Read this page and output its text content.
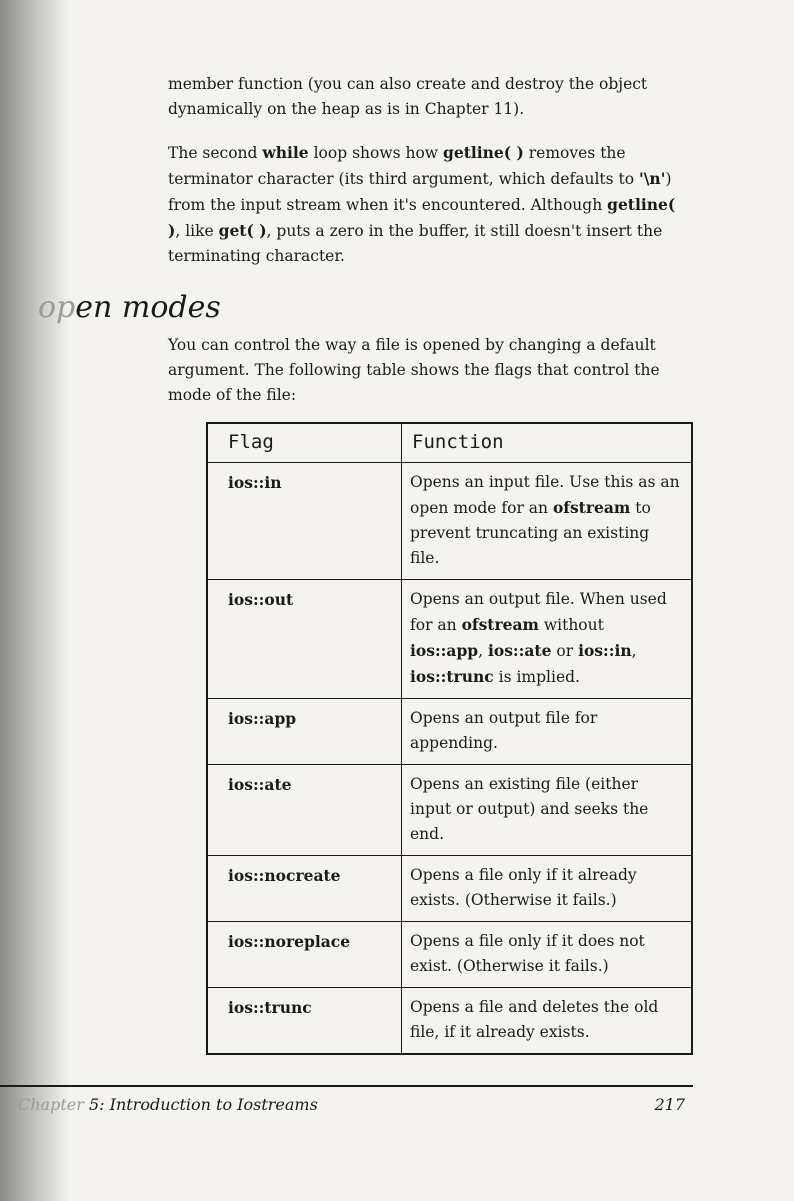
member function (you can also create and destroy the object dynamically on the heap as is in Chapter 11).

The second while loop shows how getline( ) removes the terminator character (its third argument, which defaults to '\n') from the input stream when it's encountered. Although getline( ), like get( ), puts a zero in the buffer, it still doesn't insert the terminating character.

open modes

You can control the way a file is opened by changing a default argument. The following table shows the flags that control the mode of the file:

Flag	Function
ios::in	Opens an input file. Use this as an open mode for an ofstream to prevent truncating an existing file.
ios::out	Opens an output file. When used for an ofstream without ios::app, ios::ate or ios::in, ios::trunc is implied.
ios::app	Opens an output file for appending.
ios::ate	Opens an existing file (either input or output) and seeks the end.
ios::nocreate	Opens a file only if it already exists. (Otherwise it fails.)
ios::noreplace	Opens a file only if it does not exist. (Otherwise it fails.)
ios::trunc	Opens a file and deletes the old file, if it already exists.
Chapter 5: Introduction to Iostreams	217
